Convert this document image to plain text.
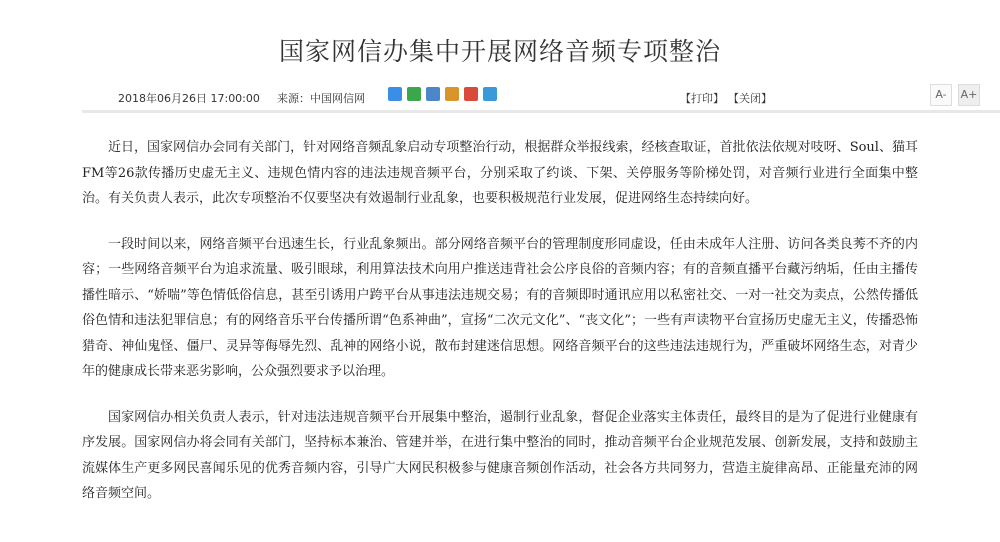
国家网信办集中开展网络音频专项整治
2018年06月26日 17:00:00 来源：中国网信网	【打印】 【关闭】	A-	A+

近日，国家网信办会同有关部门，针对网络音频乱象启动专项整治行动，根据群众举报线索，经核查取证，首批依法依规对吱呀、Soul、猫耳FM等26款传播历史虚无主义、违规色情内容的违法违规音频平台，分别采取了约谈、下架、关停服务等阶梯处罚，对音频行业进行全面集中整治。有关负责人表示，此次专项整治不仅要坚决有效遏制行业乱象，也要积极规范行业发展，促进网络生态持续向好。

一段时间以来，网络音频平台迅速生长，行业乱象频出。部分网络音频平台的管理制度形同虚设，任由未成年人注册、访问各类良莠不齐的内容；一些网络音频平台为追求流量、吸引眼球，利用算法技术向用户推送违背社会公序良俗的音频内容；有的音频直播平台藏污纳垢，任由主播传播性暗示、“娇喘”等色情低俗信息，甚至引诱用户跨平台从事违法违规交易；有的音频即时通讯应用以私密社交、一对一社交为卖点，公然传播低俗色情和违法犯罪信息；有的网络音乐平台传播所谓“色系神曲”，宣扬“二次元文化”、“丧文化”；一些有声读物平台宣扬历史虚无主义，传播恐怖猎奇、神仙鬼怪、僵尸、灵异等侮辱先烈、乱神的网络小说，散布封建迷信思想。网络音频平台的这些违法违规行为，严重破坏网络生态，对青少年的健康成长带来恶劣影响，公众强烈要求予以治理。

国家网信办相关负责人表示，针对违法违规音频平台开展集中整治，遏制行业乱象，督促企业落实主体责任，最终目的是为了促进行业健康有序发展。国家网信办将会同有关部门，坚持标本兼治、管建并举，在进行集中整治的同时，推动音频平台企业规范发展、创新发展，支持和鼓励主流媒体生产更多网民喜闻乐见的优秀音频内容，引导广大网民积极参与健康音频创作活动，社会各方共同努力，营造主旋律高昂、正能量充沛的网络音频空间。
